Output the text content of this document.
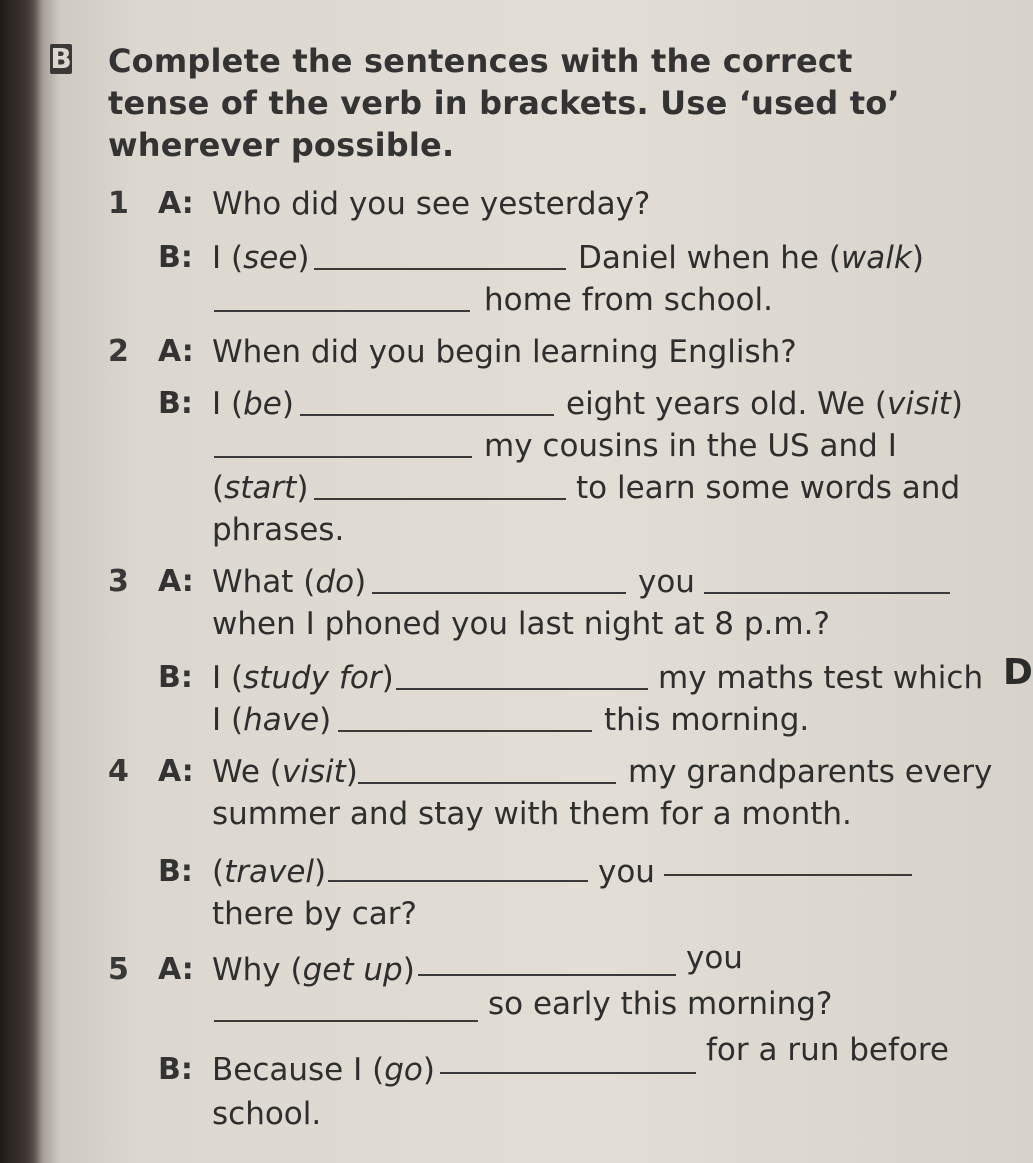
B
D
Complete the sentences with the correct tense of the verb in brackets. Use ‘used to’ wherever possible.
1 A: Who did you see yesterday?
B: I (see)	Daniel when he (walk)
home from school.
2 A: When did you begin learning English?
B: I (be)	eight years old. We (visit)
my cousins in the US and I
(start)	to learn some words and
phrases.
3 A: What (do)	you
when I phoned you last night at 8 p.m.?
B: I (study for)	my maths test which
I (have)	this morning.
4 A: We (visit)	my grandparents every
summer and stay with them for a month.
B: (travel)	you
there by car?
5 A: Why (get up)	you
so early this morning?
B: Because I (go)
for a run before
school.
